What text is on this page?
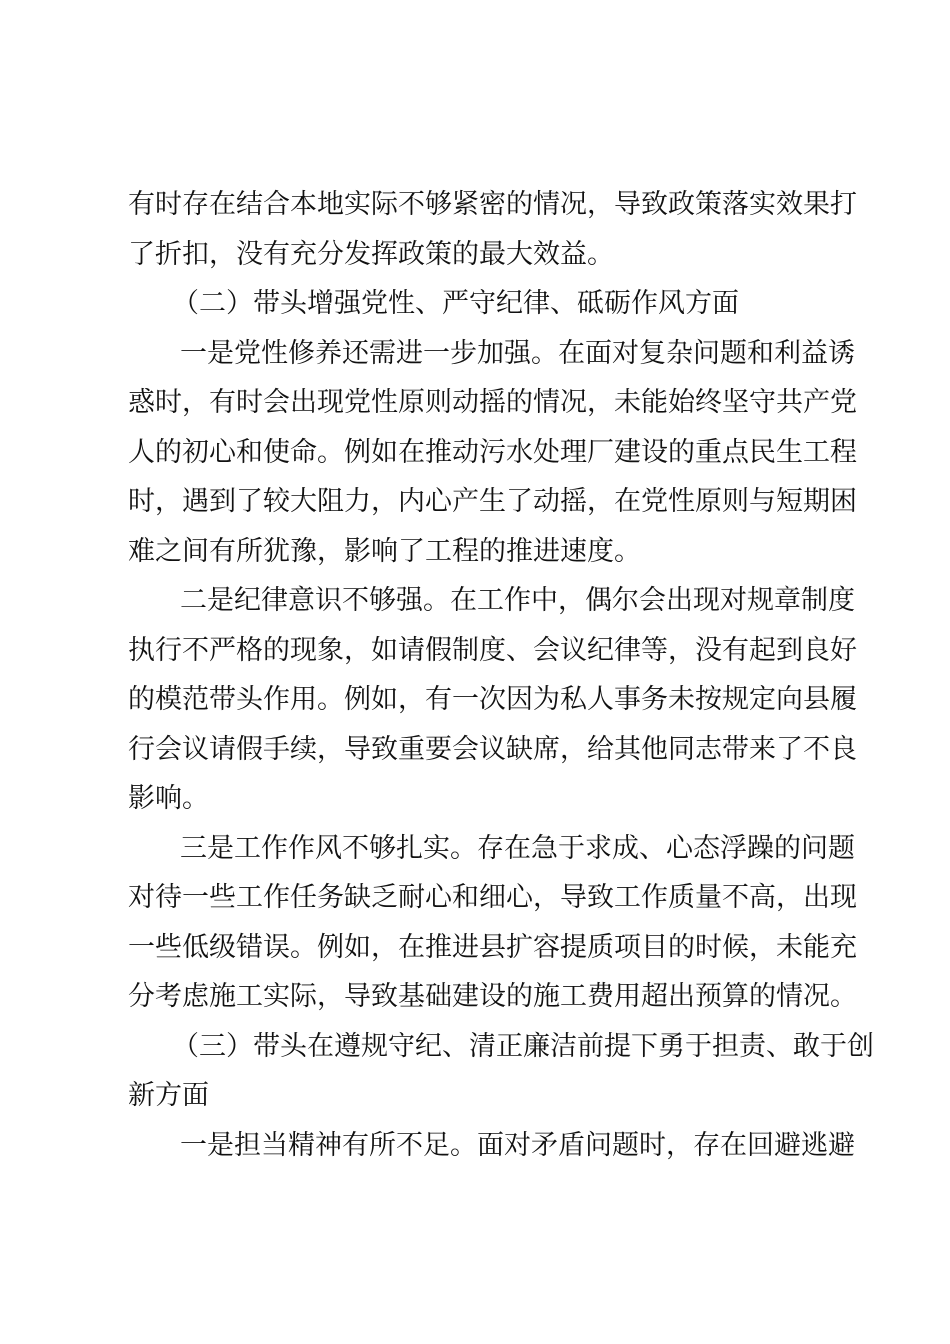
有时存在结合本地实际不够紧密的情况，导致政策落实效果打
了折扣，没有充分发挥政策的最大效益。
（二）带头增强党性、严守纪律、砥砺作风方面
一是党性修养还需进一步加强。在面对复杂问题和利益诱
惑时，有时会出现党性原则动摇的情况，未能始终坚守共产党
人的初心和使命。例如在推动污水处理厂建设的重点民生工程
时，遇到了较大阻力，内心产生了动摇，在党性原则与短期困
难之间有所犹豫，影响了工程的推进速度。
二是纪律意识不够强。在工作中，偶尔会出现对规章制度
执行不严格的现象，如请假制度、会议纪律等，没有起到良好
的模范带头作用。例如，有一次因为私人事务未按规定向县履
行会议请假手续，导致重要会议缺席，给其他同志带来了不良
影响。
三是工作作风不够扎实。存在急于求成、心态浮躁的问题
对待一些工作任务缺乏耐心和细心，导致工作质量不高，出现
一些低级错误。例如，在推进县扩容提质项目的时候，未能充
分考虑施工实际，导致基础建设的施工费用超出预算的情况。
（三）带头在遵规守纪、清正廉洁前提下勇于担责、敢于创
新方面
一是担当精神有所不足。面对矛盾问题时，存在回避逃避
